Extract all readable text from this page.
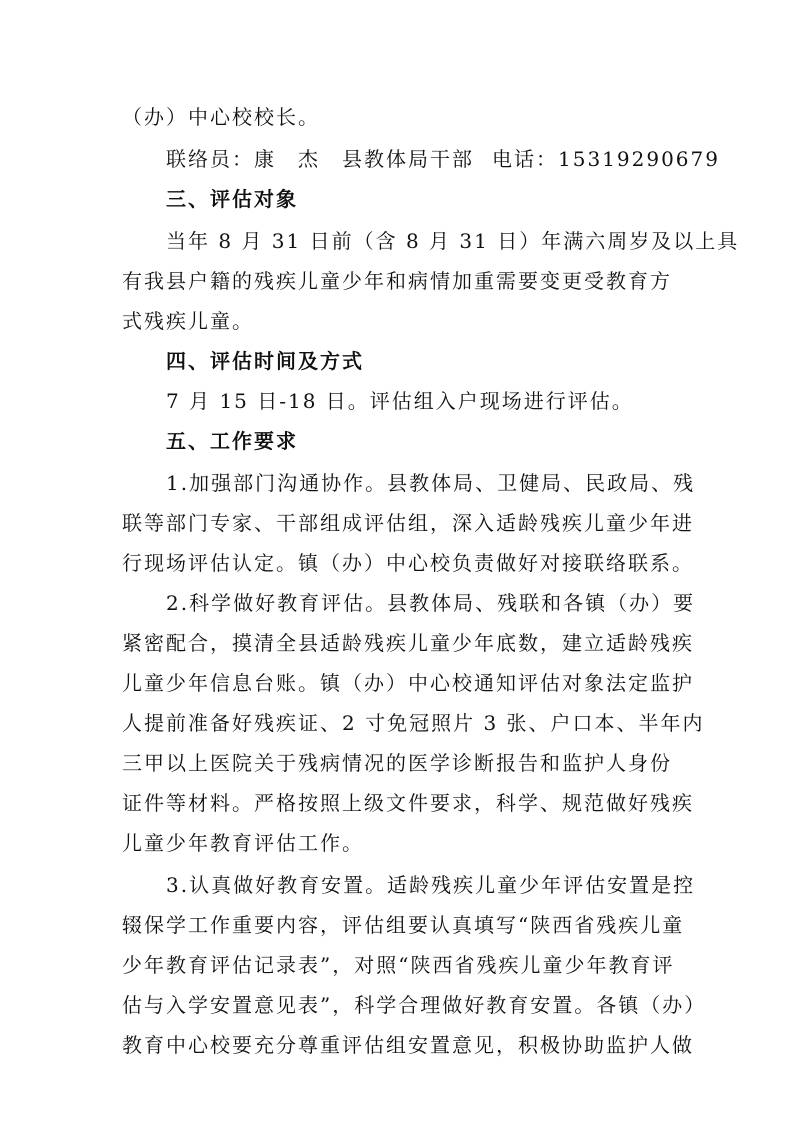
（办）中心校校长。
联络员：康 杰 县教体局干部 电话：15319290679
三、评估对象
当年 8 月 31 日前（含 8 月 31 日）年满六周岁及以上具
有我县户籍的残疾儿童少年和病情加重需要变更受教育方
式残疾儿童。
四、评估时间及方式
7 月 15 日-18 日。评估组入户现场进行评估。
五、工作要求
1.加强部门沟通协作。县教体局、卫健局、民政局、残
联等部门专家、干部组成评估组，深入适龄残疾儿童少年进
行现场评估认定。镇（办）中心校负责做好对接联络联系。
2.科学做好教育评估。县教体局、残联和各镇（办）要
紧密配合，摸清全县适龄残疾儿童少年底数，建立适龄残疾
儿童少年信息台账。镇（办）中心校通知评估对象法定监护
人提前准备好残疾证、2 寸免冠照片 3 张、户口本、半年内
三甲以上医院关于残病情况的医学诊断报告和监护人身份
证件等材料。严格按照上级文件要求，科学、规范做好残疾
儿童少年教育评估工作。
3.认真做好教育安置。适龄残疾儿童少年评估安置是控
辍保学工作重要内容，评估组要认真填写“陕西省残疾儿童
少年教育评估记录表”，对照“陕西省残疾儿童少年教育评
估与入学安置意见表”，科学合理做好教育安置。各镇（办）
教育中心校要充分尊重评估组安置意见，积极协助监护人做
